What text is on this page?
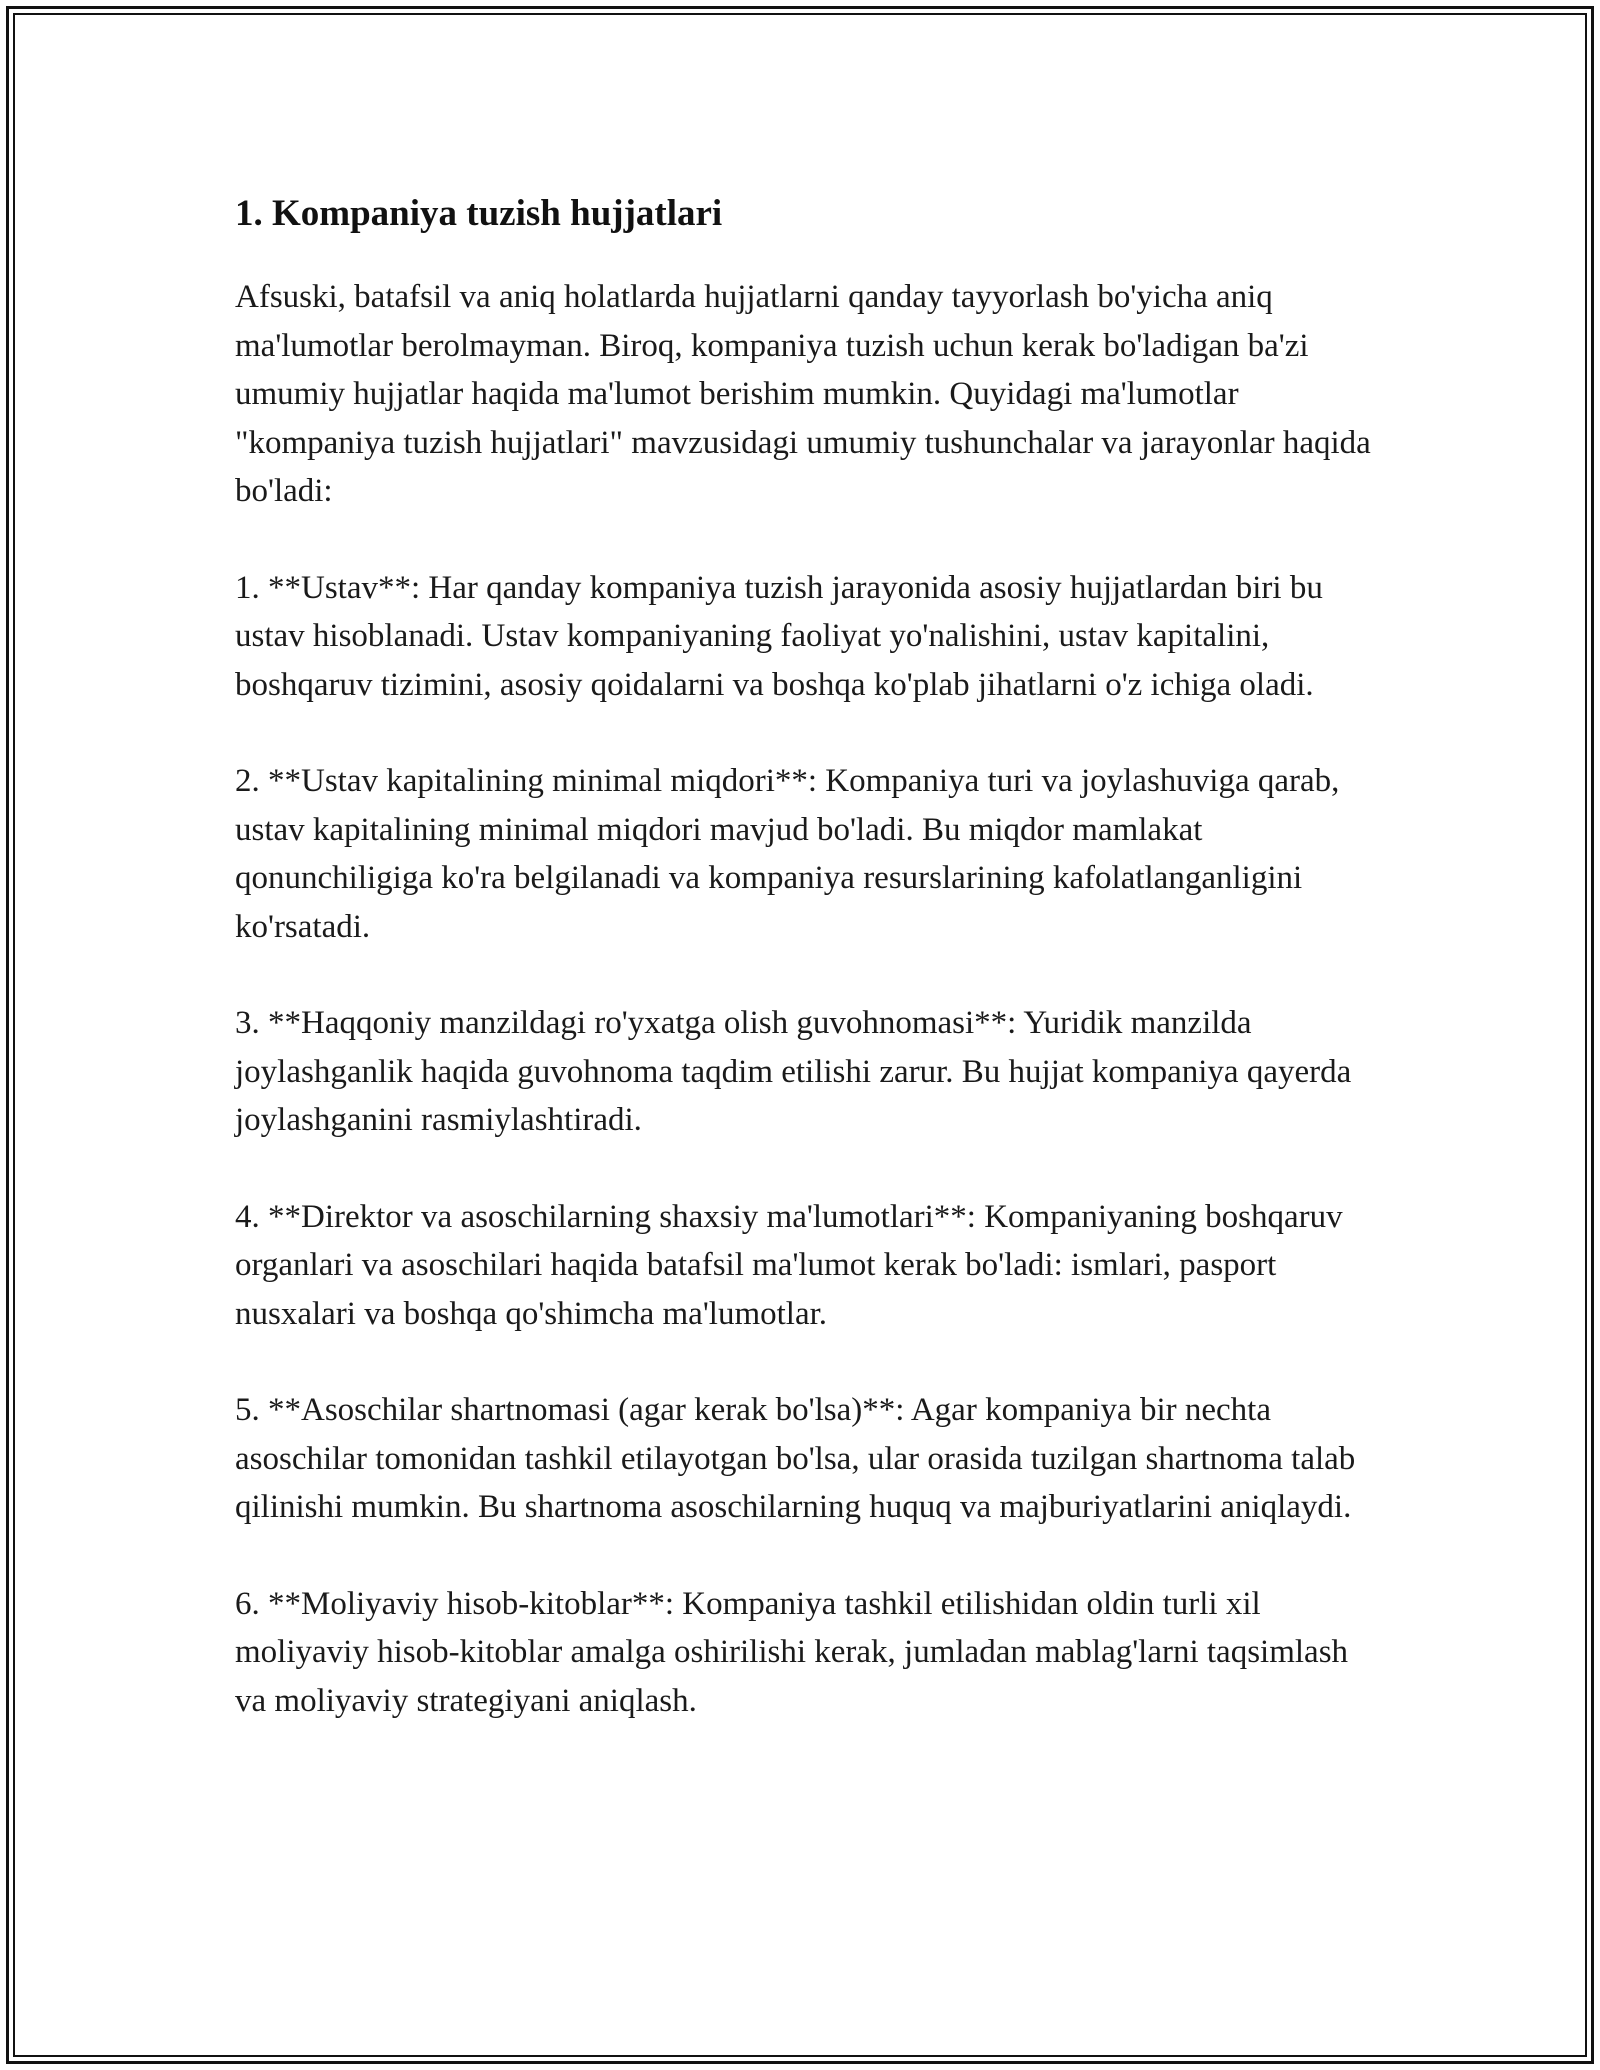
1. Kompaniya tuzish hujjatlari

Afsuski, batafsil va aniq holatlarda hujjatlarni qanday tayyorlash bo'yicha aniq ma'lumotlar berolmayman. Biroq, kompaniya tuzish uchun kerak bo'ladigan ba'zi umumiy hujjatlar haqida ma'lumot berishim mumkin. Quyidagi ma'lumotlar "kompaniya tuzish hujjatlari" mavzusidagi umumiy tushunchalar va jarayonlar haqida bo'ladi:

1. **Ustav**: Har qanday kompaniya tuzish jarayonida asosiy hujjatlardan biri bu ustav hisoblanadi. Ustav kompaniyaning faoliyat yo'nalishini, ustav kapitalini, boshqaruv tizimini, asosiy qoidalarni va boshqa ko'plab jihatlarni o'z ichiga oladi.

2. **Ustav kapitalining minimal miqdori**: Kompaniya turi va joylashuviga qarab, ustav kapitalining minimal miqdori mavjud bo'ladi. Bu miqdor mamlakat qonunchiligiga ko'ra belgilanadi va kompaniya resurslarining kafolatlanganligini ko'rsatadi.

3. **Haqqoniy manzildagi ro'yxatga olish guvohnomasi**: Yuridik manzilda joylashganlik haqida guvohnoma taqdim etilishi zarur. Bu hujjat kompaniya qayerda joylashganini rasmiylashtiradi.

4. **Direktor va asoschilarning shaxsiy ma'lumotlari**: Kompaniyaning boshqaruv organlari va asoschilari haqida batafsil ma'lumot kerak bo'ladi: ismlari, pasport nusxalari va boshqa qo'shimcha ma'lumotlar.

5. **Asoschilar shartnomasi (agar kerak bo'lsa)**: Agar kompaniya bir nechta asoschilar tomonidan tashkil etilayotgan bo'lsa, ular orasida tuzilgan shartnoma talab qilinishi mumkin. Bu shartnoma asoschilarning huquq va majburiyatlarini aniqlaydi.

6. **Moliyaviy hisob-kitoblar**: Kompaniya tashkil etilishidan oldin turli xil moliyaviy hisob-kitoblar amalga oshirilishi kerak, jumladan mablag'larni taqsimlash va moliyaviy strategiyani aniqlash.
